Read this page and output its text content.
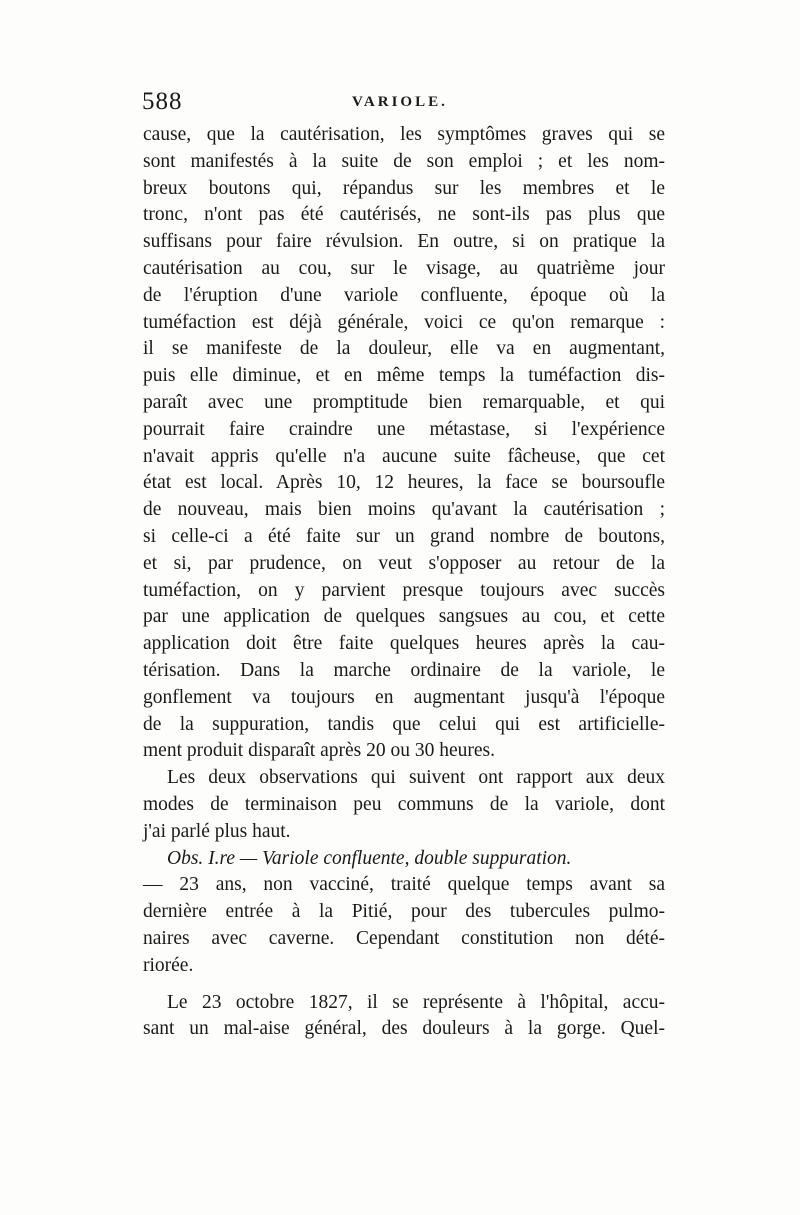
588	VARIOLE.
cause, que la cautérisation, les symptômes graves qui se
sont manifestés à la suite de son emploi ; et les nom-
breux boutons qui, répandus sur les membres et le
tronc, n'ont pas été cautérisés, ne sont-ils pas plus que
suffisans pour faire révulsion. En outre, si on pratique la
cautérisation au cou, sur le visage, au quatrième jour
de l'éruption d'une variole confluente, époque où la
tuméfaction est déjà générale, voici ce qu'on remarque :
il se manifeste de la douleur, elle va en augmentant,
puis elle diminue, et en même temps la tuméfaction dis-
paraît avec une promptitude bien remarquable, et qui
pourrait faire craindre une métastase, si l'expérience
n'avait appris qu'elle n'a aucune suite fâcheuse, que cet
état est local. Après 10, 12 heures, la face se boursoufle
de nouveau, mais bien moins qu'avant la cautérisation ;
si celle-ci a été faite sur un grand nombre de boutons,
et si, par prudence, on veut s'opposer au retour de la
tuméfaction, on y parvient presque toujours avec succès
par une application de quelques sangsues au cou, et cette
application doit être faite quelques heures après la cau-
térisation. Dans la marche ordinaire de la variole, le
gonflement va toujours en augmentant jusqu'à l'époque
de la suppuration, tandis que celui qui est artificielle-
ment produit disparaît après 20 ou 30 heures.
Les deux observations qui suivent ont rapport aux deux
modes de terminaison peu communs de la variole, dont
j'ai parlé plus haut.
Obs. I.re — Variole confluente, double suppuration.
— 23 ans, non vacciné, traité quelque temps avant sa
dernière entrée à la Pitié, pour des tubercules pulmo-
naires avec caverne. Cependant constitution non dété-
riorée.
Le 23 octobre 1827, il se représente à l'hôpital, accu-
sant un mal-aise général, des douleurs à la gorge. Quel-
